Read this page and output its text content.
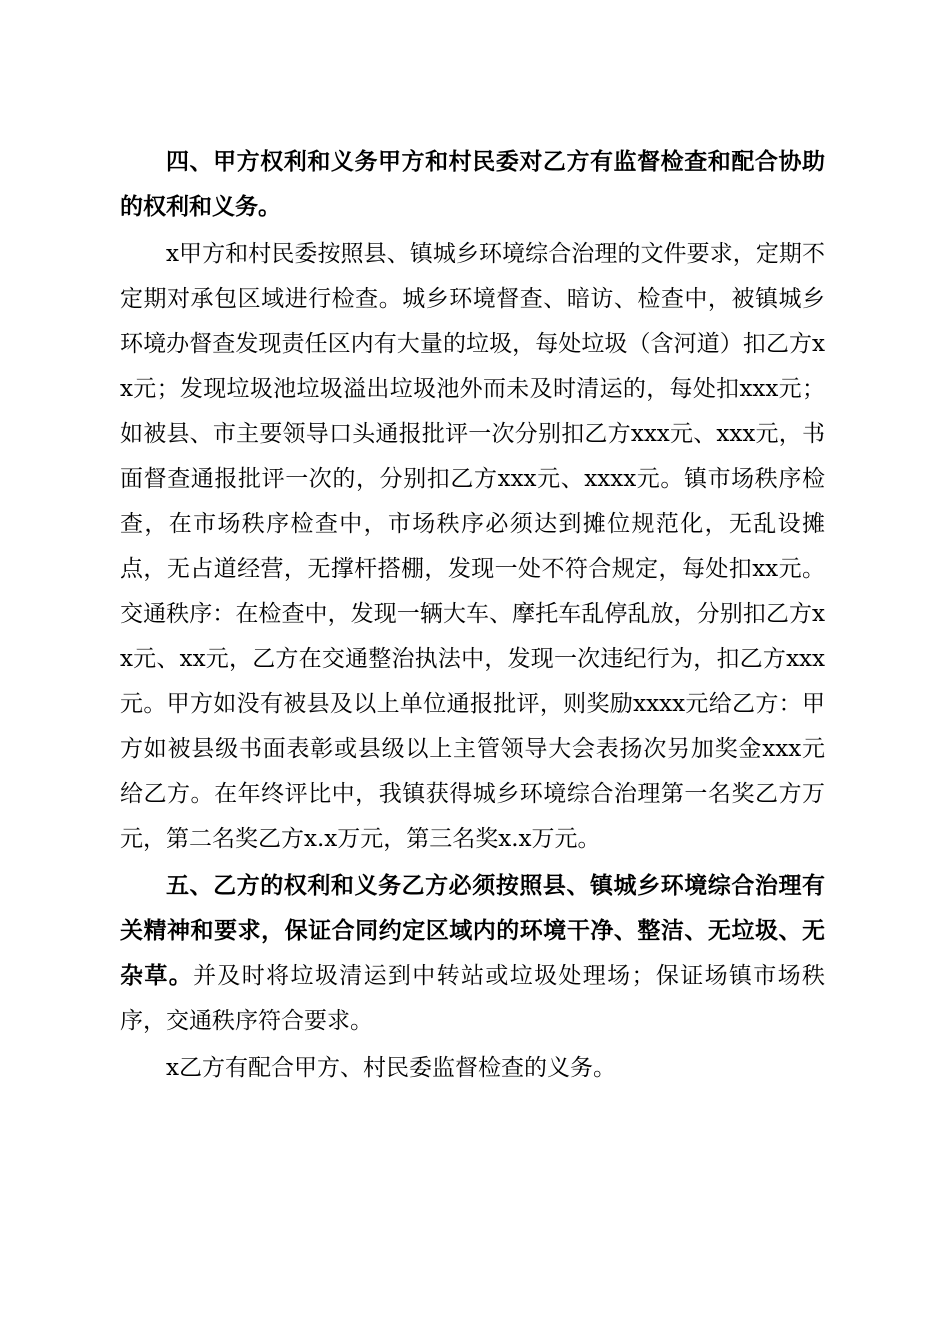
四、甲方权利和义务甲方和村民委对乙方有监督检查和配合协助的权利和义务。

x甲方和村民委按照县、镇城乡环境综合治理的文件要求，定期不定期对承包区域进行检查。城乡环境督查、暗访、检查中，被镇城乡环境办督查发现责任区内有大量的垃圾，每处垃圾（含河道）扣乙方xx元；发现垃圾池垃圾溢出垃圾池外而未及时清运的，每处扣xxx元；如被县、市主要领导口头通报批评一次分别扣乙方xxx元、xxx元，书面督查通报批评一次的，分别扣乙方xxx元、xxxx元。镇市场秩序检查，在市场秩序检查中，市场秩序必须达到摊位规范化，无乱设摊点，无占道经营，无撑杆搭棚，发现一处不符合规定，每处扣xx元。交通秩序：在检查中，发现一辆大车、摩托车乱停乱放，分别扣乙方xx元、xx元，乙方在交通整治执法中，发现一次违纪行为，扣乙方xxx元。甲方如没有被县及以上单位通报批评，则奖励xxxx元给乙方：甲方如被县级书面表彰或县级以上主管领导大会表扬次另加奖金xxx元给乙方。在年终评比中，我镇获得城乡环境综合治理第一名奖乙方万元，第二名奖乙方x.x万元，第三名奖x.x万元。

五、乙方的权利和义务乙方必须按照县、镇城乡环境综合治理有关精神和要求，保证合同约定区域内的环境干净、整洁、无垃圾、无杂草。并及时将垃圾清运到中转站或垃圾处理场；保证场镇市场秩序，交通秩序符合要求。

x乙方有配合甲方、村民委监督检查的义务。
